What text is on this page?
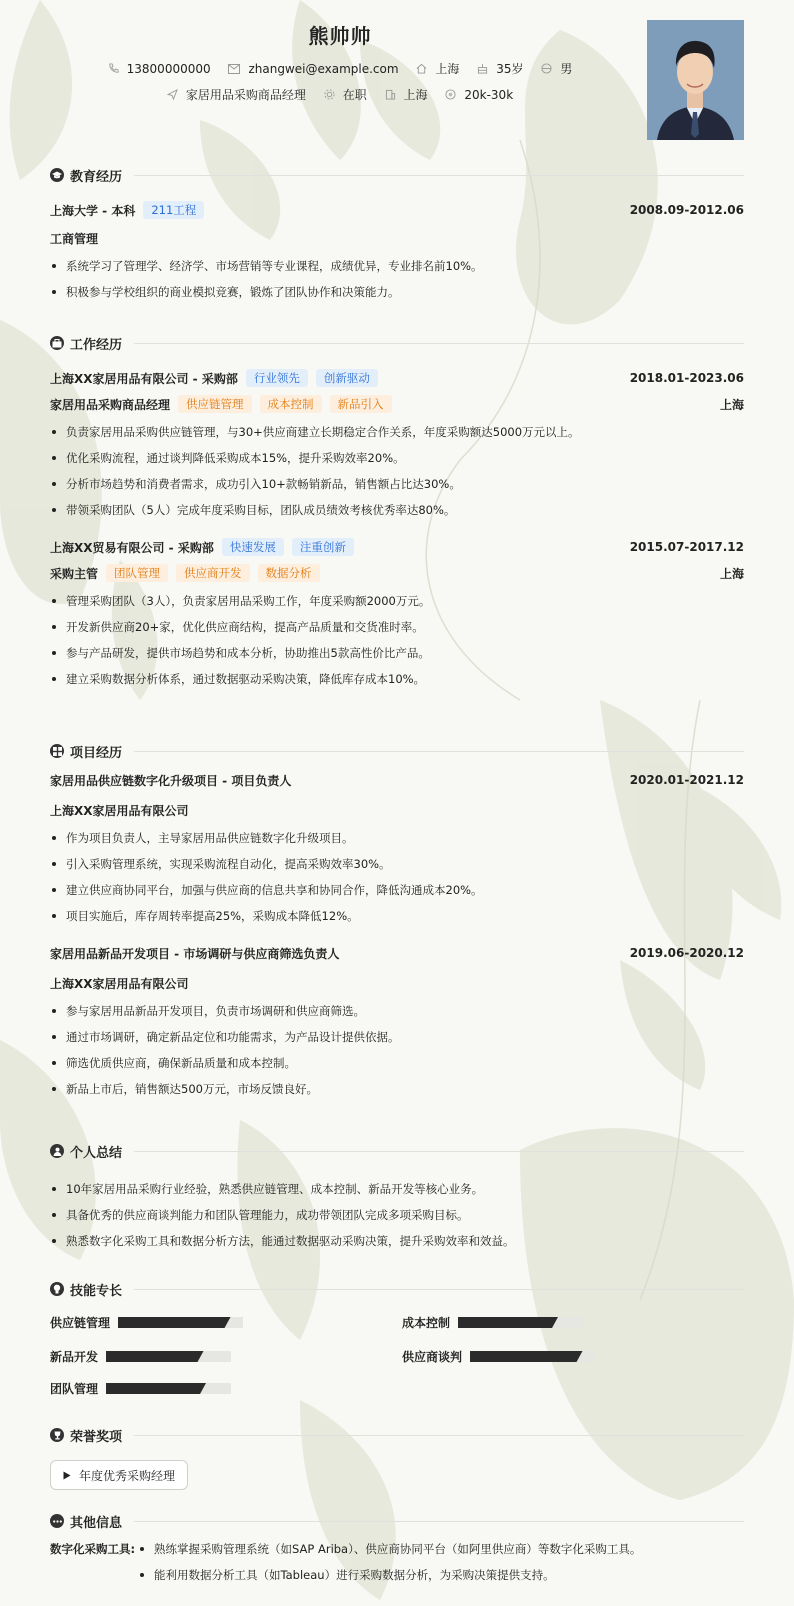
熊帅帅
13800000000
	zhangwei@example.com
	上海
	35岁
	男
家居用品采购商品经理
	在职
	上海
	20k-30k
教育经历
上海大学 - 本科	211工程	2008.09-2012.06
工商管理
系统学习了管理学、经济学、市场营销等专业课程，成绩优异，专业排名前10%。
积极参与学校组织的商业模拟竞赛，锻炼了团队协作和决策能力。
工作经历
上海XX家居用品有限公司 - 采购部	行业领先	创新驱动	2018.01-2023.06
家居用品采购商品经理	供应链管理	成本控制	新品引入	上海
负责家居用品采购供应链管理，与30+供应商建立长期稳定合作关系，年度采购额达5000万元以上。
优化采购流程，通过谈判降低采购成本15%，提升采购效率20%。
分析市场趋势和消费者需求，成功引入10+款畅销新品，销售额占比达30%。
带领采购团队（5人）完成年度采购目标，团队成员绩效考核优秀率达80%。
上海XX贸易有限公司 - 采购部	快速发展	注重创新	2015.07-2017.12
采购主管	团队管理	供应商开发	数据分析	上海
管理采购团队（3人），负责家居用品采购工作，年度采购额2000万元。
开发新供应商20+家，优化供应商结构，提高产品质量和交货准时率。
参与产品研发，提供市场趋势和成本分析，协助推出5款高性价比产品。
建立采购数据分析体系，通过数据驱动采购决策，降低库存成本10%。
项目经历
家居用品供应链数字化升级项目 - 项目负责人	2020.01-2021.12
上海XX家居用品有限公司
作为项目负责人，主导家居用品供应链数字化升级项目。
引入采购管理系统，实现采购流程自动化，提高采购效率30%。
建立供应商协同平台，加强与供应商的信息共享和协同合作，降低沟通成本20%。
项目实施后，库存周转率提高25%，采购成本降低12%。
家居用品新品开发项目 - 市场调研与供应商筛选负责人	2019.06-2020.12
上海XX家居用品有限公司
参与家居用品新品开发项目，负责市场调研和供应商筛选。
通过市场调研，确定新品定位和功能需求，为产品设计提供依据。
筛选优质供应商，确保新品质量和成本控制。
新品上市后，销售额达500万元，市场反馈良好。
个人总结
10年家居用品采购行业经验，熟悉供应链管理、成本控制、新品开发等核心业务。
具备优秀的供应商谈判能力和团队管理能力，成功带领团队完成多项采购目标。
熟悉数字化采购工具和数据分析方法，能通过数据驱动采购决策，提升采购效率和效益。
技能专长
供应链管理	成本控制
新品开发	供应商谈判
团队管理
荣誉奖项
年度优秀采购经理
其他信息
数字化采购工具:	熟练掌握采购管理系统（如SAP Ariba）、供应商协同平台（如阿里供应商）等数字化采购工具。
能利用数据分析工具（如Tableau）进行采购数据分析，为采购决策提供支持。
